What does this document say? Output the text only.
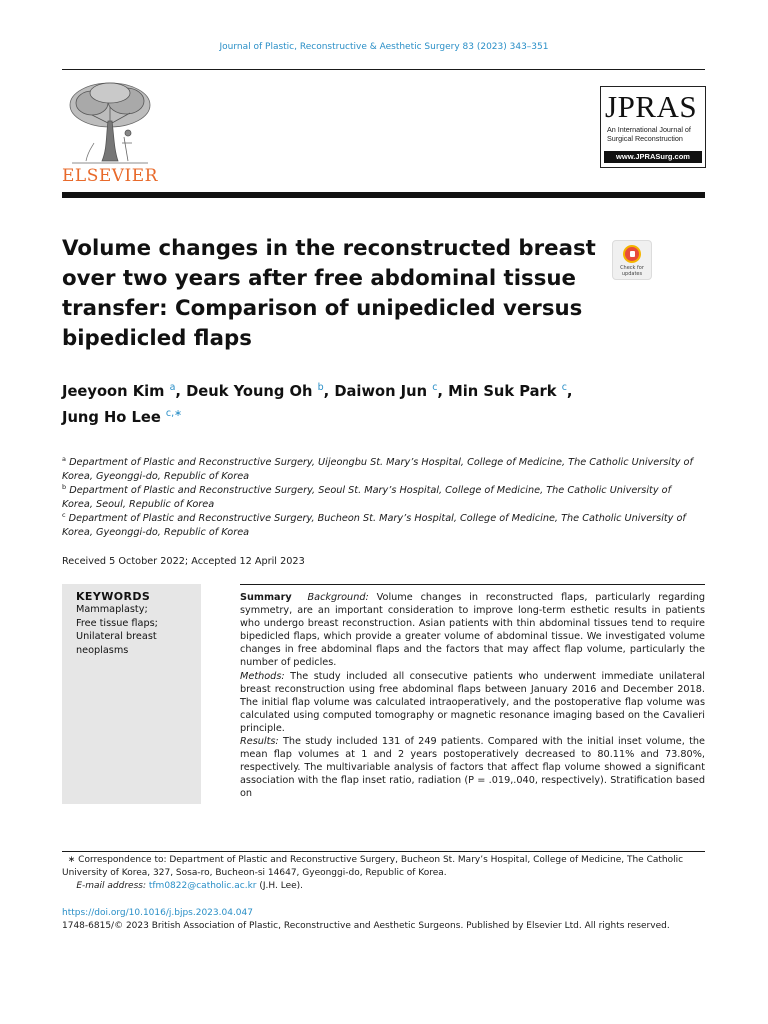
Journal of Plastic, Reconstructive & Aesthetic Surgery 83 (2023) 343–351
ELSEVIER
JPRAS
An International Journal of
Surgical Reconstruction
www.JPRASurg.com
Volume changes in the reconstructed breast over two years after free abdominal tissue transfer: Comparison of unipedicled versus bipedicled flaps
Check for updates
Jeeyoon Kim $^a$, Deuk Young Oh $^b$, Daiwon Jun $^c$, Min Suk Park $^c$,
Jung Ho Lee $^{c,∗}$
$^a$ Department of Plastic and Reconstructive Surgery, Uijeongbu St. Mary’s Hospital, College of Medicine, The Catholic University of Korea, Gyeonggi-do, Republic of Korea
$^b$ Department of Plastic and Reconstructive Surgery, Seoul St. Mary’s Hospital, College of Medicine, The Catholic University of Korea, Seoul, Republic of Korea
$^c$ Department of Plastic and Reconstructive Surgery, Bucheon St. Mary’s Hospital, College of Medicine, The Catholic University of Korea, Gyeonggi-do, Republic of Korea
Received 5 October 2022; Accepted 12 April 2023
KEYWORDS
Mammaplasty;
Free tissue flaps;
Unilateral breast neoplasms

Summary Background: Volume changes in reconstructed flaps, particularly regarding symmetry, are an important consideration to improve long-term esthetic results in patients who undergo breast reconstruction. Asian patients with thin abdominal tissues tend to require bipedicled flaps, which provide a greater volume of abdominal tissue. We investigated volume changes in free abdominal flaps and the factors that may affect flap volume, particularly the number of pedicles.

Methods: The study included all consecutive patients who underwent immediate unilateral breast reconstruction using free abdominal flaps between January 2016 and December 2018. The initial flap volume was calculated intraoperatively, and the postoperative flap volume was calculated using computed tomography or magnetic resonance imaging based on the Cavalieri principle.

Results: The study included 131 of 249 patients. Compared with the initial inset volume, the mean flap volumes at 1 and 2 years postoperatively decreased to 80.11% and 73.80%, respectively. The multivariable analysis of factors that affect flap volume showed a significant association with the flap inset ratio, radiation (P = .019,.040, respectively). Stratification based on

∗ Correspondence to: Department of Plastic and Reconstructive Surgery, Bucheon St. Mary’s Hospital, College of Medicine, The Catholic University of Korea, 327, Sosa-ro, Bucheon-si 14647, Gyeonggi-do, Republic of Korea.
E-mail address: tfm0822@catholic.ac.kr (J.H. Lee).
https://doi.org/10.1016/j.bjps.2023.04.047
1748-6815/© 2023 British Association of Plastic, Reconstructive and Aesthetic Surgeons. Published by Elsevier Ltd. All rights reserved.
